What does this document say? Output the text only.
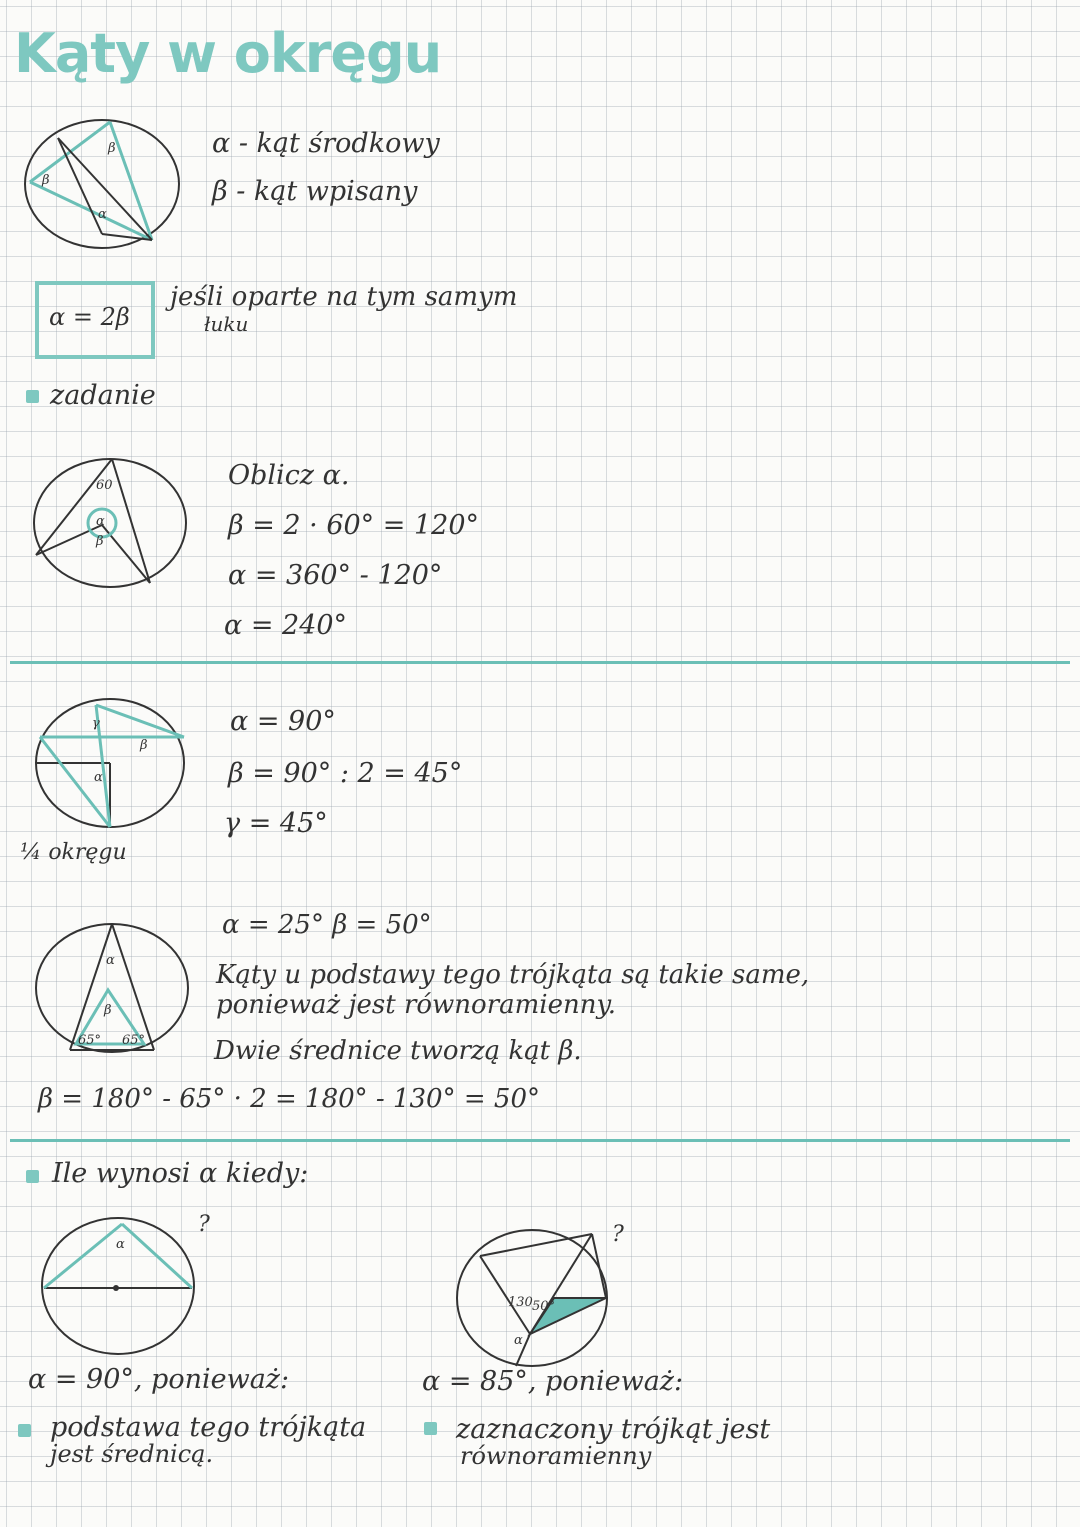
Kąty w okręgu
β
β
α
α - kąt środkowy
β - kąt wpisany
α = 2β
jeśli oparte na tym samym
łuku
zadanie
60
α
β
Oblicz α.
β = 2 · 60° = 120°
α = 360° - 120°
α = 240°
γ
β
α
α = 90°
β = 90° : 2 = 45°
γ = 45°
¼ okręgu
α
β
65° 65°
α = 25° β = 50°
Kąty u podstawy tego trójkąta są takie same,
ponieważ jest równoramienny.
Dwie średnice tworzą kąt β.
β = 180° - 65° · 2 = 180° - 130° = 50°
Ile wynosi α kiedy:
α
?
130 50°
α
?
α = 90°, ponieważ:
podstawa tego trójkąta
jest średnicą.
α = 85°, ponieważ:
zaznaczony trójkąt jest
równoramienny
